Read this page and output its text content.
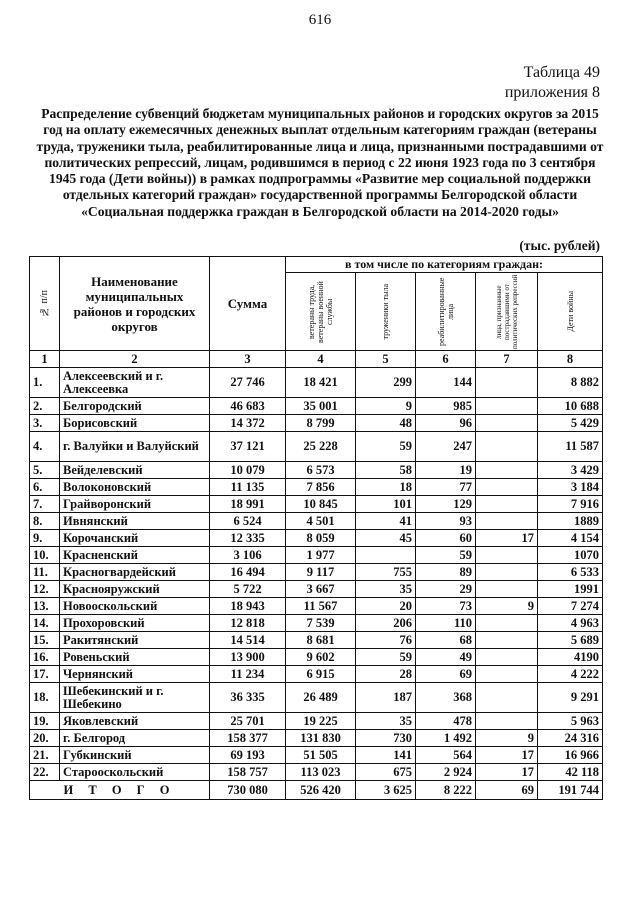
616
Таблица 49
приложения 8
Распределение субвенций бюджетам муниципальных районов и городских округов за 2015 год на оплату ежемесячных денежных выплат отдельным категориям граждан (ветераны труда, труженики тыла, реабилитированные лица и лица, признанными пострадавшими от политических репрессий, лицам, родившимся в период с 22 июня 1923 года по 3 сентября 1945 года (Дети войны)) в рамках подпрограммы «Развитие мер социальной поддержки отдельных категорий граждан» государственной программы Белгородской области «Социальная поддержка граждан в Белгородской области на 2014-2020 годы»
(тыс. рублей)
№ п/п	Наименование муниципальных районов и городских округов	Сумма	в том числе по категориям граждан:				

			ветераны труда, ветераны военной службы	труженики тыла	реабилитированные лица	лица, признанные пострадавшими от политических репрессий	Дети войны

1	2	3	4	5	6	7	8
1.	Алексеевский и г. Алексеевка	27 746	18 421	299	144		8 882
2.	Белгородский	46 683	35 001	9	985		10 688
3.	Борисовский	14 372	8 799	48	96		5 429
4.	г. Валуйки и Валуйский	37 121	25 228	59	247		11 587
5.	Вейделевский	10 079	6 573	58	19		3 429
6.	Волоконовский	11 135	7 856	18	77		3 184
7.	Грайворонский	18 991	10 845	101	129		7 916
8.	Ивнянский	6 524	4 501	41	93		1889
9.	Корочанский	12 335	8 059	45	60	17	4 154
10.	Красненский	3 106	1 977		59		1070
11.	Красногвардейский	16 494	9 117	755	89		6 533
12.	Краснояружский	5 722	3 667	35	29		1991
13.	Новооскольский	18 943	11 567	20	73	9	7 274
14.	Прохоровский	12 818	7 539	206	110		4 963
15.	Ракитянский	14 514	8 681	76	68		5 689
16.	Ровеньский	13 900	9 602	59	49		4190
17.	Чернянский	11 234	6 915	28	69		4 222
18.	Шебекинский и г. Шебекино	36 335	26 489	187	368		9 291
19.	Яковлевский	25 701	19 225	35	478		5 963
20.	г. Белгород	158 377	131 830	730	1 492	9	24 316
21.	Губкинский	69 193	51 505	141	564	17	16 966
22.	Старооскольский	158 757	113 023	675	2 924	17	42 118
И Т О Г О		730 080	526 420	3 625	8 222	69	191 744
